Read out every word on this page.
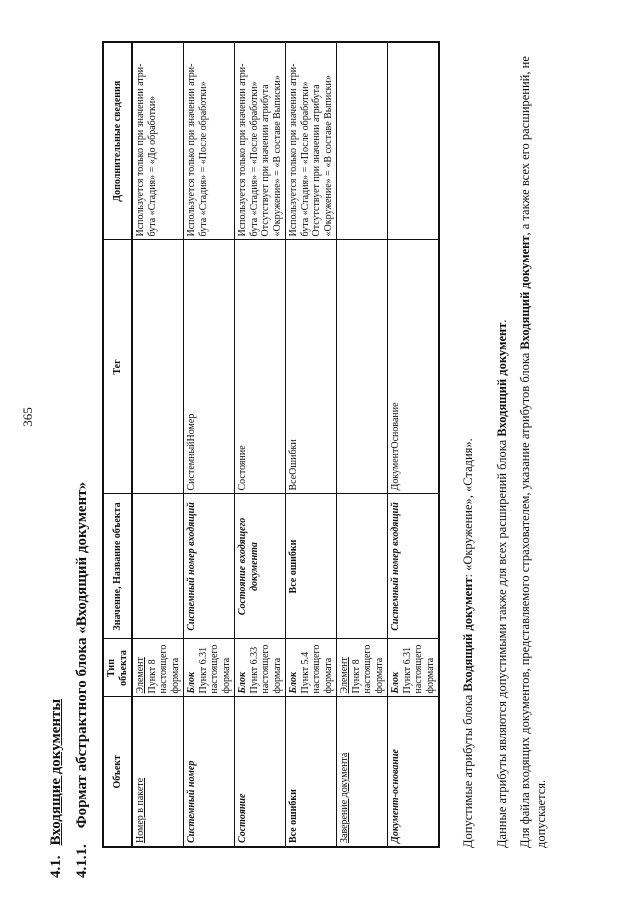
365
4.1.Входящие документы
4.1.1.Формат абстрактного блока «Входящий документ» Объект	Тип объекта	Значение, Название объекта	Тег	Дополнительные сведения
Номер в пакете	Элемент Пункт 8 настоящего формата			Используется только при значении атри-бута «Стадия» = «До обработки»
Системный номер	Блок Пункт 6.31 настоящего формата	Системный номер входящий	СистемныйНомер	Используется только при значении атри-бута «Стадия» = «После обработки»
Состояние	Блок Пункт 6.33 настоящего формата	Состояние входящего документа	Состояние	Используется только при значении атри-бута «Стадия» = «После обработки» Отсутствует при значении атрибута «Окружение» = «В составе Выписки»
Все ошибки	Блок Пункт 5.4 настоящего формата	Все ошибки	ВсеОшибки	Используется только при значении атри-бута «Стадия» = «После обработки» Отсутствует при значении атрибута «Окружение» = «В составе Выписки»
Заверение документа	Элемент Пункт 8 настоящего формата			

Документ-основание	Блок Пункт 6.31 настоящего формата	Системный номер входящий	ДокументОснование	
Допустимые атрибуты блока Входящий документ: «Окружение», «Стадия». Данные атрибуты являются допустимыми также для всех расширений блока Входящий документ.
Для файла входящих документов, представляемого страхователем, указание атрибутов блока Входящий документ, а также всех его расширений, не допускается.
